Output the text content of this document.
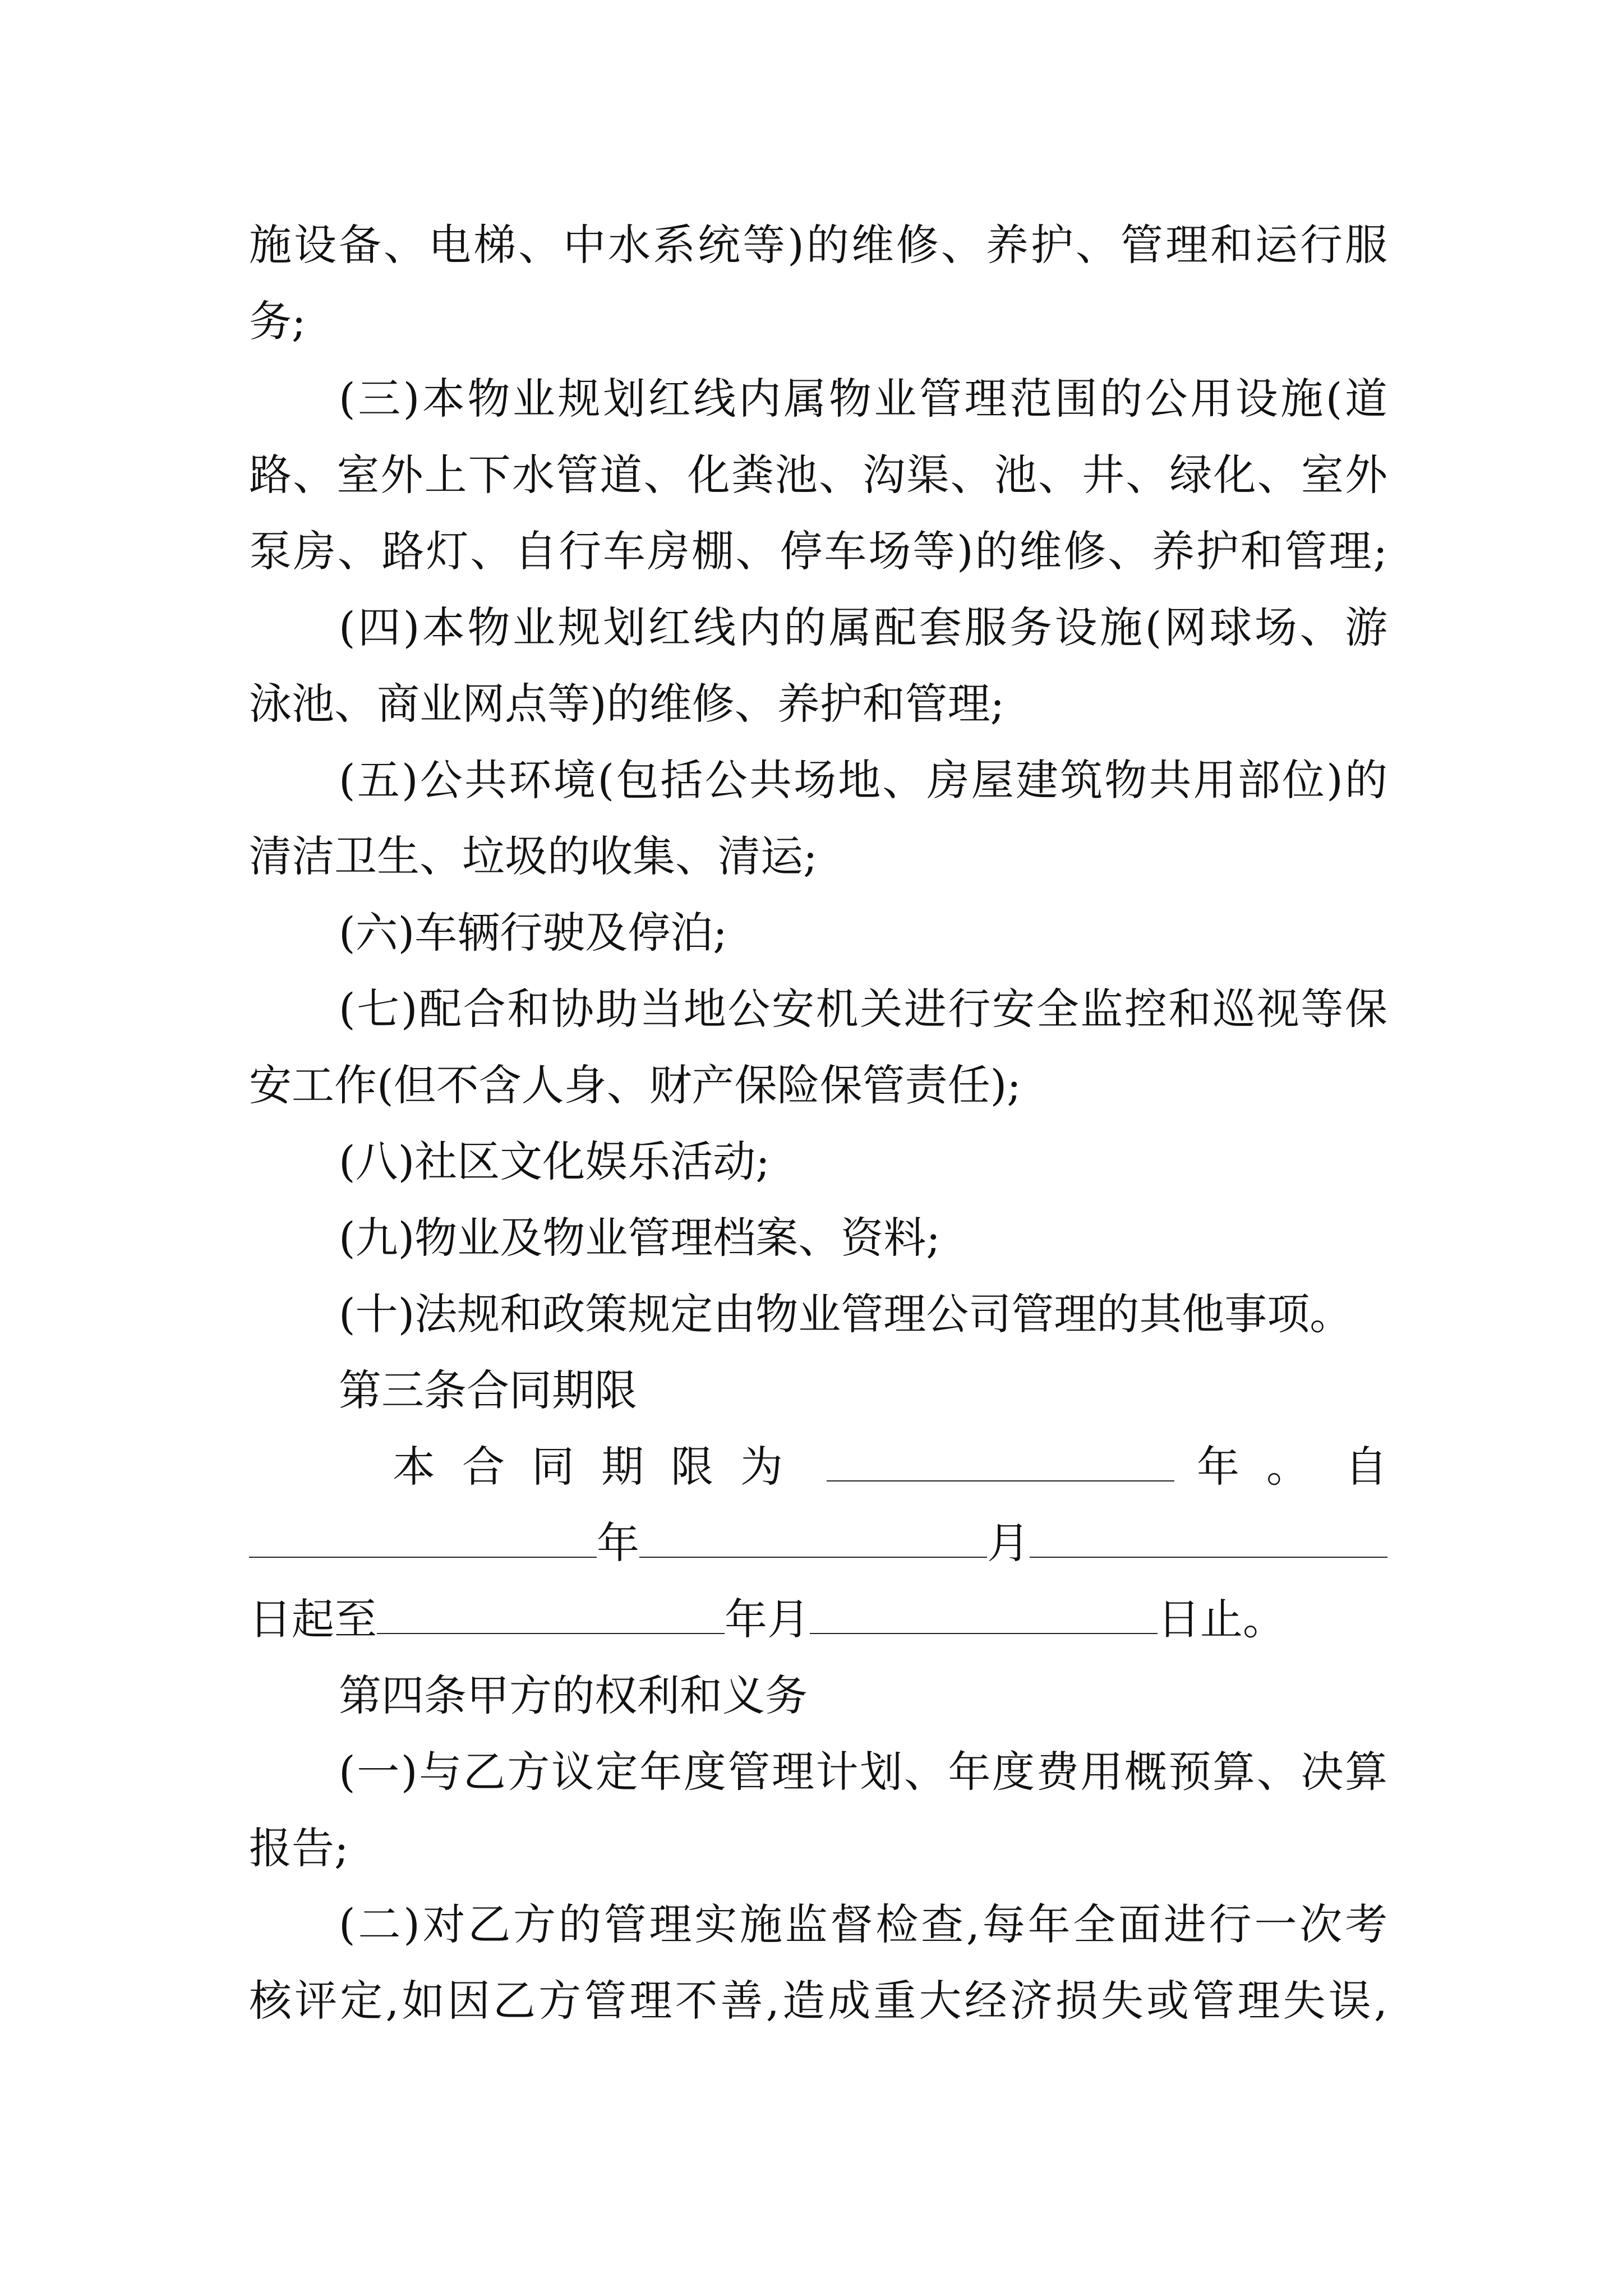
施设备、电梯、中水系统等)的维修、养护、管理和运行服
务;
(三)本物业规划红线内属物业管理范围的公用设施(道
路、室外上下水管道、化粪池、沟渠、池、井、绿化、室外
泵房、路灯、自行车房棚、停车场等)的维修、养护和管理;
(四)本物业规划红线内的属配套服务设施(网球场、游
泳池、商业网点等)的维修、养护和管理;
(五)公共环境(包括公共场地、房屋建筑物共用部位)的
清洁卫生、垃圾的收集、清运;
(六)车辆行驶及停泊;
(七)配合和协助当地公安机关进行安全监控和巡视等保
安工作(但不含人身、财产保险保管责任);
(八)社区文化娱乐活动;
(九)物业及物业管理档案、资料;
(十)法规和政策规定由物业管理公司管理的其他事项。
第三条合同期限
本合同期限为	年。 自
年	月
日起至	年月	日止。
第四条甲方的权利和义务
(一)与乙方议定年度管理计划、年度费用概预算、决算
报告;
(二)对乙方的管理实施监督检查,每年全面进行一次考
核评定,如因乙方管理不善,造成重大经济损失或管理失误,
